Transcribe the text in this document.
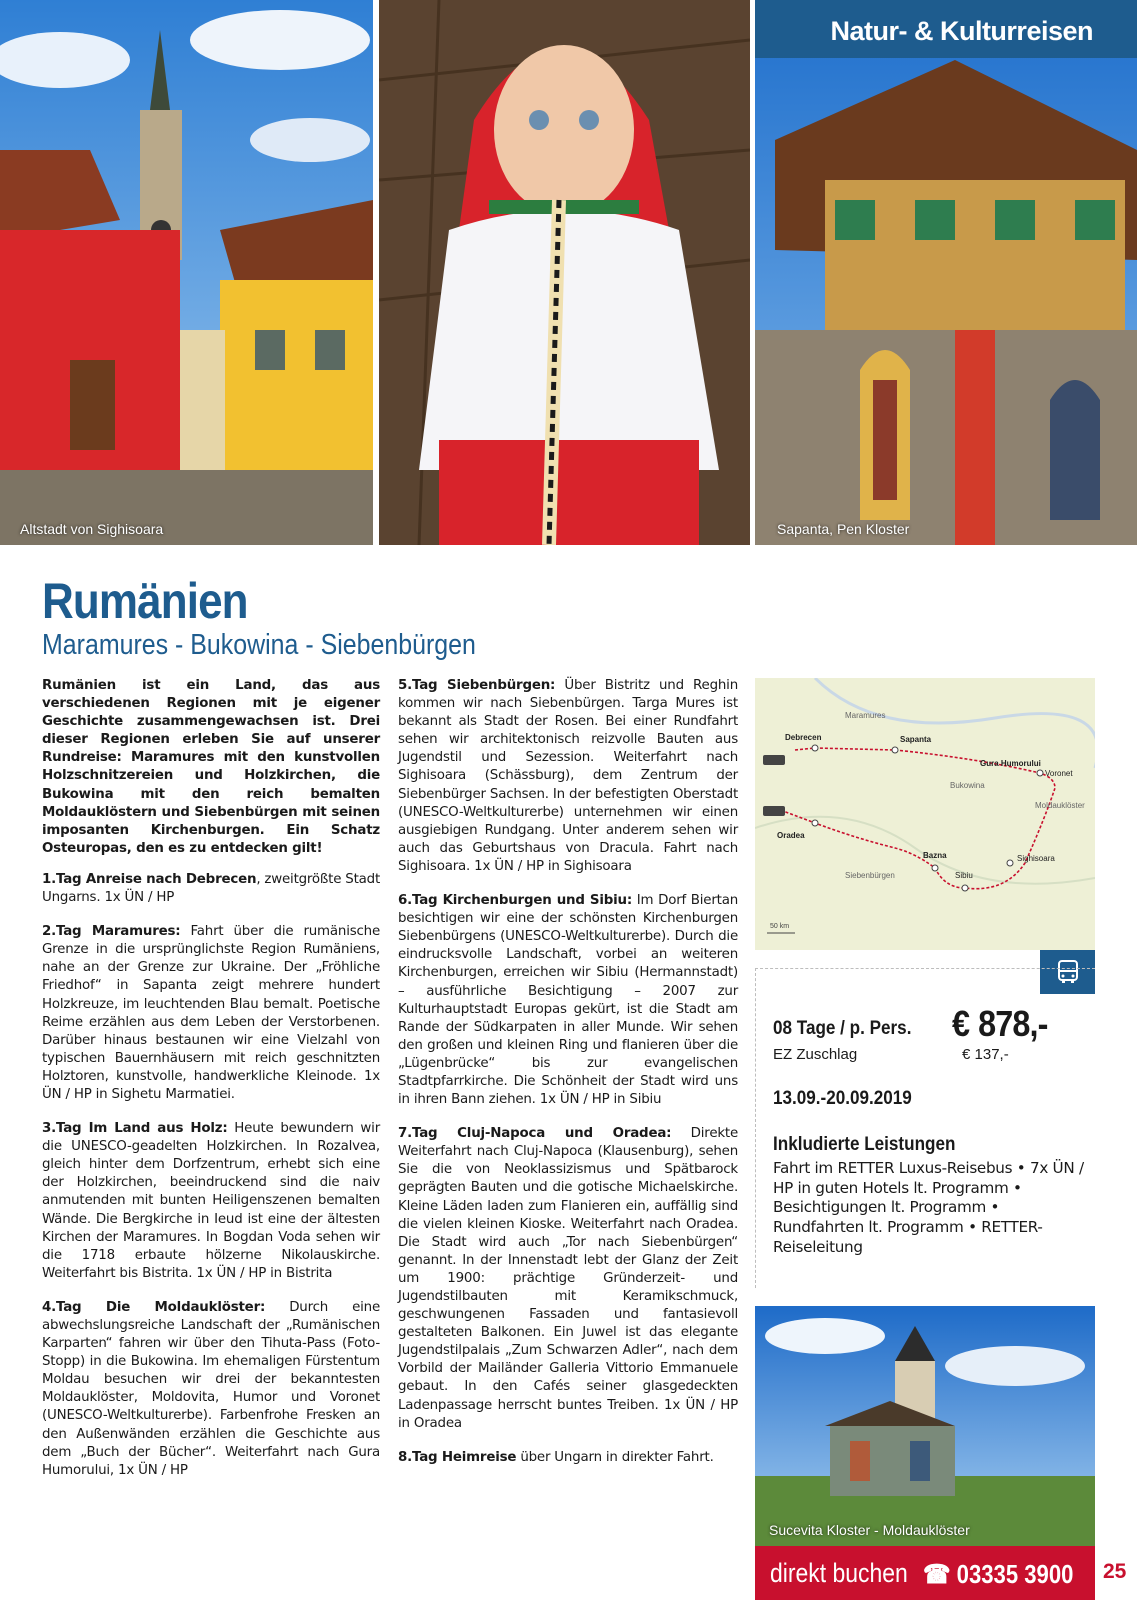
Altstadt von Sighisoara
Natur- & Kulturreisen
Sapanta, Pen Kloster
Rumänien
Maramures - Bukowina - Siebenbürgen

Rumänien ist ein Land, das aus verschiedenen Regionen mit je eigener Geschichte zusammengewachsen ist. Drei dieser Regionen erleben Sie auf unserer Rundreise: Maramures mit den kunstvollen Holzschnitzereien und Holzkirchen, die Bukowina mit den reich bemalten Moldauklöstern und Siebenbürgen mit seinen imposanten Kirchenburgen. Ein Schatz Osteuropas, den es zu entdecken gilt!

1.Tag Anreise nach Debrecen, zweitgrößte Stadt Ungarns. 1x ÜN / HP

2.Tag Maramures: Fahrt über die rumänische Grenze in die ursprünglichste Region Rumäniens, nahe an der Grenze zur Ukraine. Der „Fröhliche Friedhof“ in Sapanta zeigt mehrere hundert Holzkreuze, im leuchtenden Blau bemalt. Poetische Reime erzählen aus dem Leben der Verstorbenen. Darüber hinaus bestaunen wir eine Vielzahl von typischen Bauernhäusern mit reich geschnitzten Holztoren, kunstvolle, handwerkliche Kleinode. 1x ÜN / HP in Sighetu Marmatiei.

3.Tag Im Land aus Holz: Heute bewundern wir die UNESCO-geadelten Holzkirchen. In Rozalvea, gleich hinter dem Dorfzentrum, erhebt sich eine der Holzkirchen, beeindruckend sind die naiv anmutenden mit bunten Heiligenszenen bemalten Wände. Die Bergkirche in Ieud ist eine der ältesten Kirchen der Maramures. In Bogdan Voda sehen wir die 1718 erbaute hölzerne Nikolauskirche. Weiterfahrt bis Bistrita. 1x ÜN / HP in Bistrita

4.Tag Die Moldauklöster: Durch eine abwechslungsreiche Landschaft der „Rumänischen Karparten“ fahren wir über den Tihuta-Pass (Foto-Stopp) in die Bukowina. Im ehemaligen Fürstentum Moldau besuchen wir drei der bekanntesten Moldauklöster, Moldovita, Humor und Voronet (UNESCO-Weltkulturerbe). Farbenfrohe Fresken an den Außenwänden erzählen die Geschichte aus dem „Buch der Bücher“. Weiterfahrt nach Gura Humorului, 1x ÜN / HP

5.Tag Siebenbürgen: Über Bistritz und Reghin kommen wir nach Siebenbürgen. Targa Mures ist bekannt als Stadt der Rosen. Bei einer Rundfahrt sehen wir architektonisch reizvolle Bauten aus Jugendstil und Sezession. Weiterfahrt nach Sighisoara (Schässburg), dem Zentrum der Siebenbürger Sachsen. In der befestigten Oberstadt (UNESCO-Weltkulturerbe) unternehmen wir einen ausgiebigen Rundgang. Unter anderem sehen wir auch das Geburtshaus von Dracula. Fahrt nach Sighisoara. 1x ÜN / HP in Sighisoara

6.Tag Kirchenburgen und Sibiu: Im Dorf Biertan besichtigen wir eine der schönsten Kirchenburgen Siebenbürgens (UNESCO-Weltkulturerbe). Durch die eindrucksvolle Landschaft, vorbei an weiteren Kirchenburgen, erreichen wir Sibiu (Hermannstadt) – ausführliche Besichtigung – 2007 zur Kulturhauptstadt Europas gekürt, ist die Stadt am Rande der Südkarpaten in aller Munde. Wir sehen den großen und kleinen Ring und flanieren über die „Lügenbrücke“ bis zur evangelischen Stadtpfarrkirche. Die Schönheit der Stadt wird uns in ihren Bann ziehen. 1x ÜN / HP in Sibiu

7.Tag Cluj-Napoca und Oradea: Direkte Weiterfahrt nach Cluj-Napoca (Klausenburg), sehen Sie die von Neoklassizismus und Spätbarock geprägten Bauten und die gotische Michaelskirche. Kleine Läden laden zum Flanieren ein, auffällig sind die vielen kleinen Kioske. Weiterfahrt nach Oradea. Die Stadt wird auch „Tor nach Siebenbürgen“ genannt. In der Innenstadt lebt der Glanz der Zeit um 1900: prächtige Gründerzeit- und Jugendstilbauten mit Keramikschmuck, geschwungenen Fassaden und fantasievoll gestalteten Balkonen. Ein Juwel ist das elegante Jugendstilpalais „Zum Schwarzen Adler“, nach dem Vorbild der Mailänder Galleria Vittorio Emmanuele gebaut. In den Cafés seiner glasgedeckten Ladenpassage herrscht buntes Treiben. 1x ÜN / HP in Oradea

8.Tag Heimreise über Ungarn in direkter Fahrt.

Maramures
Debrecen	Sapanta
Gura Humorului
Voronet
Bukowina
Moldauklöster
Oradea
Bazna	Sighisoara
Sibiu
Siebenbürgen
50 km
08 Tage / p. Pers. € 878,-
EZ Zuschlag	€ 137,-
13.09.-20.09.2019
Inkludierte Leistungen
Fahrt im RETTER Luxus-Reisebus • 7x ÜN / HP in guten Hotels lt. Programm • Besichtigungen lt. Programm • Rundfahrten lt. Programm • RETTER-Reiseleitung
Sucevita Kloster - Moldauklöster
direkt buchen ☎ 03335 3900 25
